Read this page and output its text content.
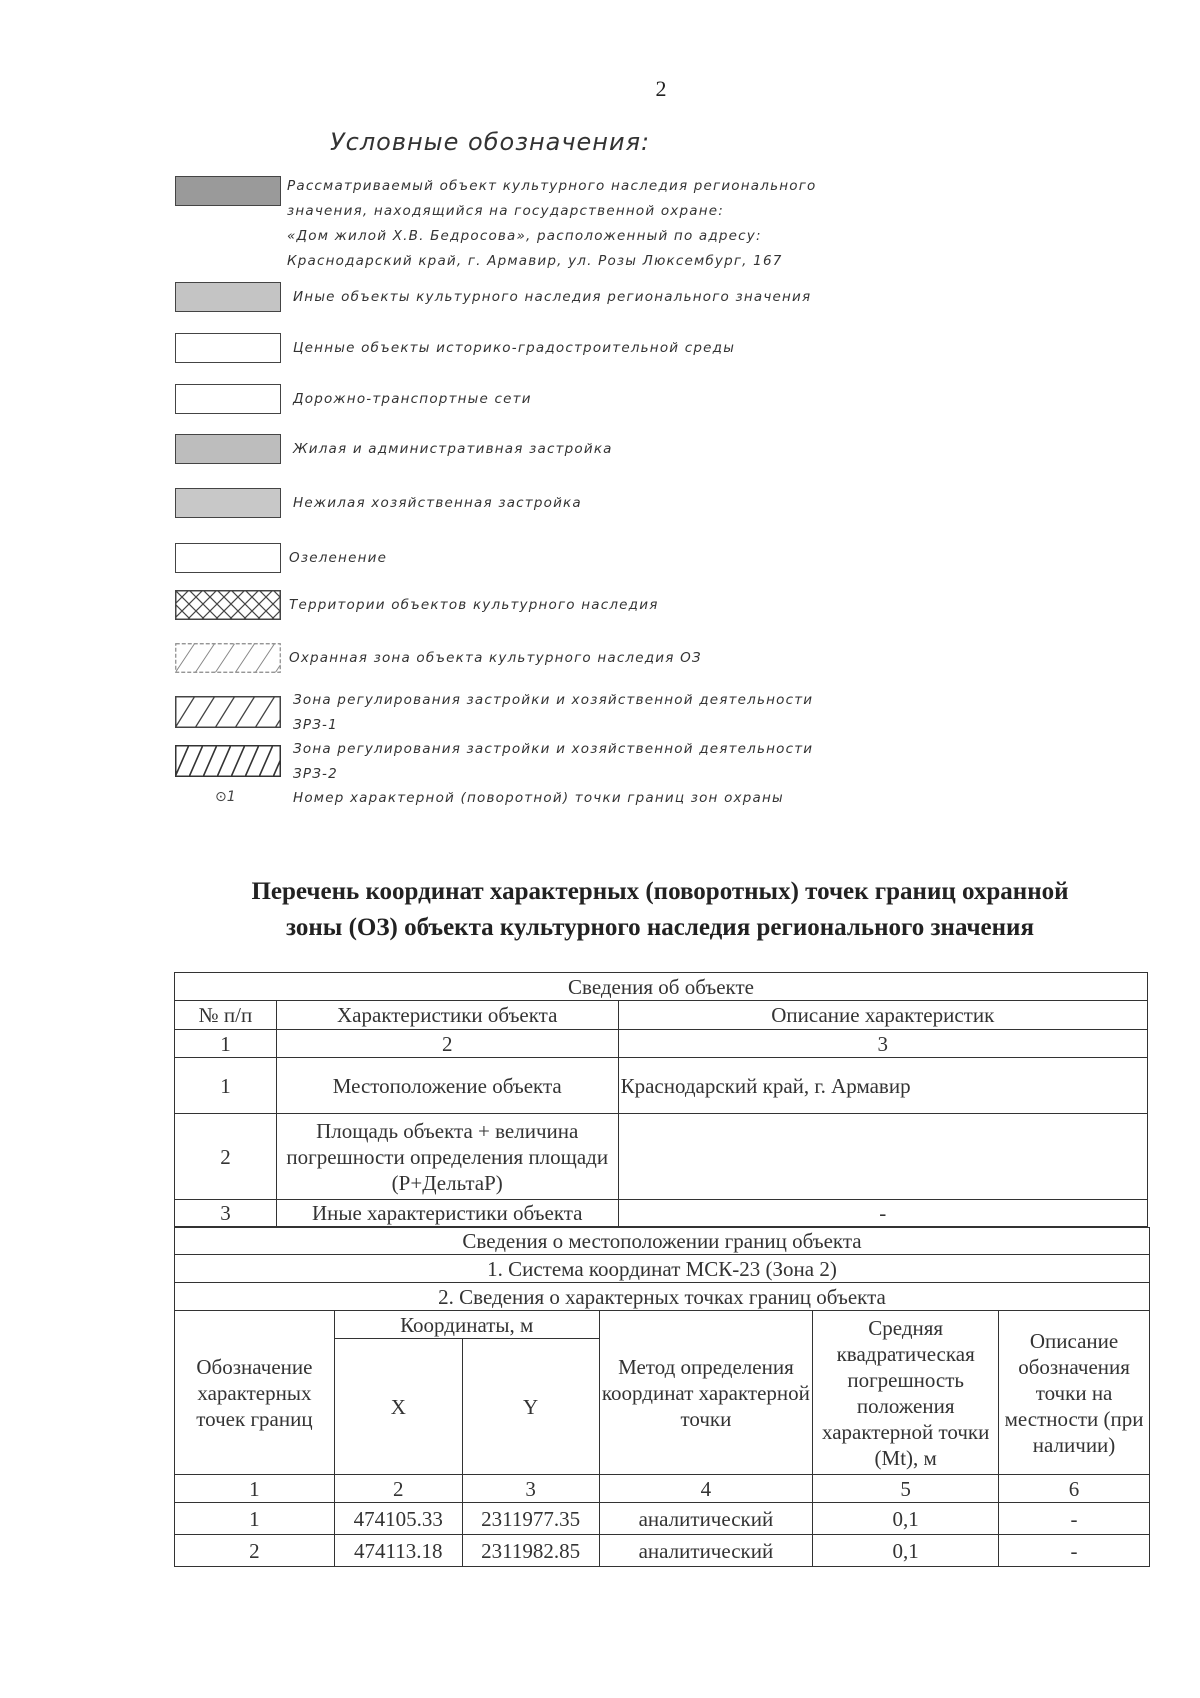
2
Условные обозначения:
Рассматриваемый объект культурного наследия регионального
значения, находящийся на государственной охране:
«Дом жилой Х.В. Бедросова», расположенный по адресу:
Краснодарский край, г. Армавир, ул. Розы Люксембург, 167
Иные объекты культурного наследия регионального значения
Ценные объекты историко-градостроительной среды
Дорожно-транспортные сети
Жилая и административная застройка
Нежилая хозяйственная застройка
Озеленение
Территории объектов культурного наследия
Охранная зона объекта культурного наследия ОЗ
Зона регулирования застройки и хозяйственной деятельности
ЗРЗ-1
Зона регулирования застройки и хозяйственной деятельности
ЗРЗ-2
⊙1	Номер характерной (поворотной) точки границ зон охраны
Перечень координат характерных (поворотных) точек границ охранной
зоны (ОЗ) объекта культурного наследия регионального значения
Сведения об объекте		
№ п/п	Характеристики объекта	Описание характеристик
1	2	3
1	Местоположение объекта	Краснодарский край, г. Армавир
2	Площадь объекта + величина погрешности определения площади (Р+ДельтаР)	
3	Иные характеристики объекта	-
Сведения о местоположении границ объекта					
1. Система координат МСК-23 (Зона 2)					
2. Сведения о характерных точках границ объекта					
Обозначение характерных точек границ	Координаты, м		Метод определения координат характерной точки	Средняя квадратическая погрешность положения характерной точки (Mt), м	Описание обозначения точки на местности (при наличии)
	X	Y			
1	2	3	4	5	6
1	474105.33	2311977.35	аналитический	0,1	-
2	474113.18	2311982.85	аналитический	0,1	-
